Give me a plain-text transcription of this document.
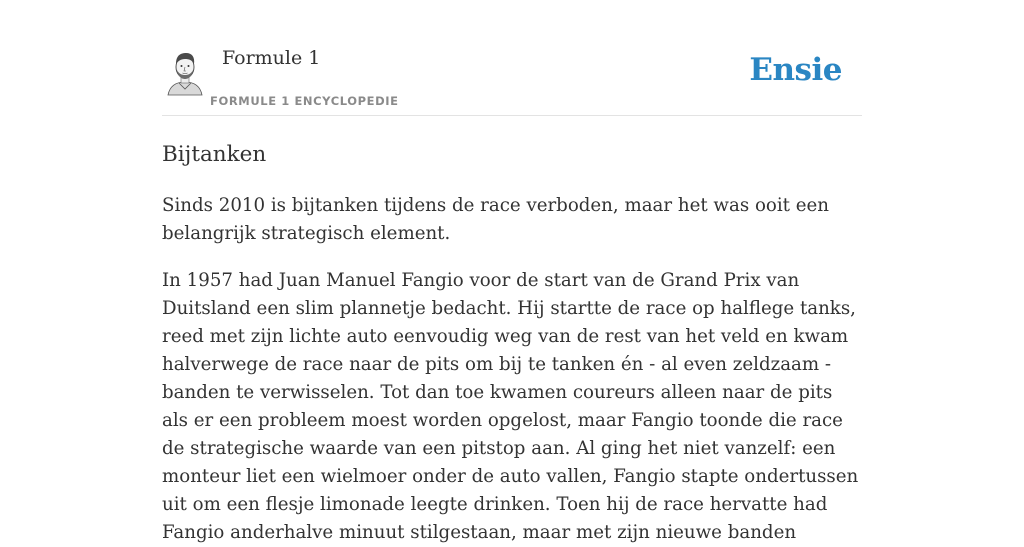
Formule 1
FORMULE 1 ENCYCLOPEDIE
Ensie
Bijtanken

Sinds 2010 is bijtanken tijdens de race verboden, maar het was ooit een belangrijk strategisch element.

In 1957 had Juan Manuel Fangio voor de start van de Grand Prix van Duitsland een slim plannetje bedacht. Hij startte de race op halflege tanks, reed met zijn lichte auto eenvoudig weg van de rest van het veld en kwam halverwege de race naar de pits om bij te tanken én - al even zeldzaam - banden te verwisselen. Tot dan toe kwamen coureurs alleen naar de pits als er een probleem moest worden opgelost, maar Fangio toonde die race de strategische waarde van een pitstop aan. Al ging het niet vanzelf: een monteur liet een wielmoer onder de auto vallen, Fangio stapte ondertussen uit om een flesje limonade leegte drinken. Toen hij de race hervatte had Fangio anderhalve minuut stilgestaan, maar met zijn nieuwe banden
